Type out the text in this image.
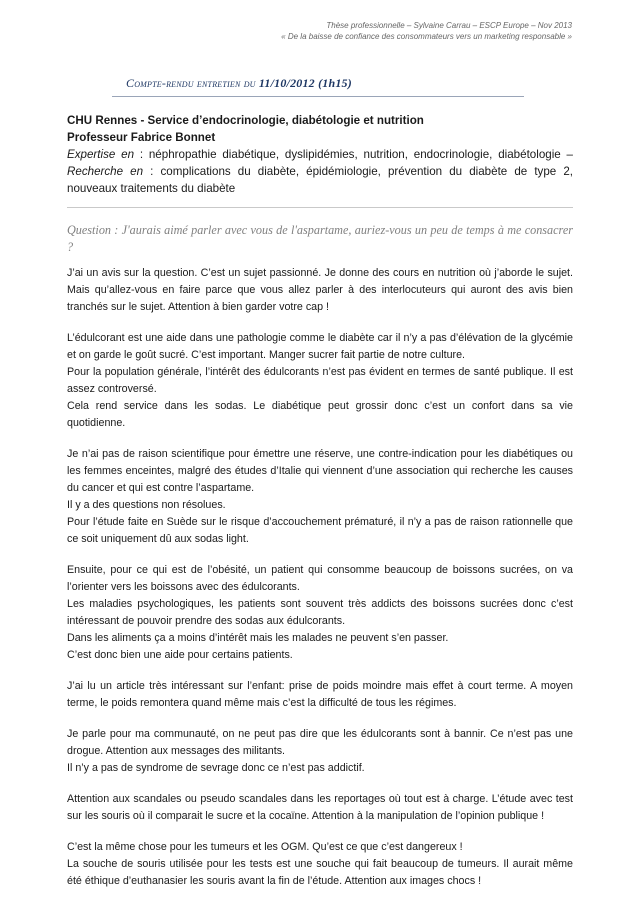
Thèse professionnelle – Sylvaine Carrau – ESCP Europe – Nov 2013
« De la baisse de confiance des consommateurs vers un marketing responsable »
Compte-rendu entretien du 11/10/2012 (1h15)

CHU Rennes - Service d’endocrinologie, diabétologie et nutrition

Professeur Fabrice Bonnet

Expertise en : néphropathie diabétique, dyslipidémies, nutrition, endocrinologie, diabétologie – Recherche en : complications du diabète, épidémiologie, prévention du diabète de type 2, nouveaux traitements du diabète

Question : J'aurais aimé parler avec vous de l'aspartame, auriez-vous un peu de temps à me consacrer ?

J’ai un avis sur la question. C’est un sujet passionné. Je donne des cours en nutrition où j’aborde le sujet. Mais qu’allez-vous en faire parce que vous allez parler à des interlocuteurs qui auront des avis bien tranchés sur le sujet. Attention à bien garder votre cap !

L’édulcorant est une aide dans une pathologie comme le diabète car il n’y a pas d’élévation de la glycémie et on garde le goût sucré. C’est important. Manger sucrer fait partie de notre culture.
Pour la population générale, l’intérêt des édulcorants n’est pas évident en termes de santé publique. Il est assez controversé.
Cela rend service dans les sodas. Le diabétique peut grossir donc c’est un confort dans sa vie quotidienne.

Je n’ai pas de raison scientifique pour émettre une réserve, une contre-indication pour les diabétiques ou les femmes enceintes, malgré des études d’Italie qui viennent d’une association qui recherche les causes du cancer et qui est contre l’aspartame.
Il y a des questions non résolues.
Pour l’étude faite en Suède sur le risque d’accouchement prématuré, il n’y a pas de raison rationnelle que ce soit uniquement dû aux sodas light.

Ensuite, pour ce qui est de l’obésité, un patient qui consomme beaucoup de boissons sucrées, on va l’orienter vers les boissons avec des édulcorants.
Les maladies psychologiques, les patients sont souvent très addicts des boissons sucrées donc c’est intéressant de pouvoir prendre des sodas aux édulcorants.
Dans les aliments ça a moins d’intérêt mais les malades ne peuvent s’en passer.
C’est donc bien une aide pour certains patients.

J’ai lu un article très intéressant sur l’enfant: prise de poids moindre mais effet à court terme. A moyen terme, le poids remontera quand même mais c’est la difficulté de tous les régimes.

Je parle pour ma communauté, on ne peut pas dire que les édulcorants sont à bannir. Ce n’est pas une drogue. Attention aux messages des militants.
Il n’y a pas de syndrome de sevrage donc ce n’est pas addictif.

Attention aux scandales ou pseudo scandales dans les reportages où tout est à charge. L’étude avec test sur les souris où il comparait le sucre et la cocaïne. Attention à la manipulation de l’opinion publique !

C’est la même chose pour les tumeurs et les OGM. Qu’est ce que c’est dangereux !
La souche de souris utilisée pour les tests est une souche qui fait beaucoup de tumeurs. Il aurait même été éthique d’euthanasier les souris avant la fin de l’étude. Attention aux images chocs !
